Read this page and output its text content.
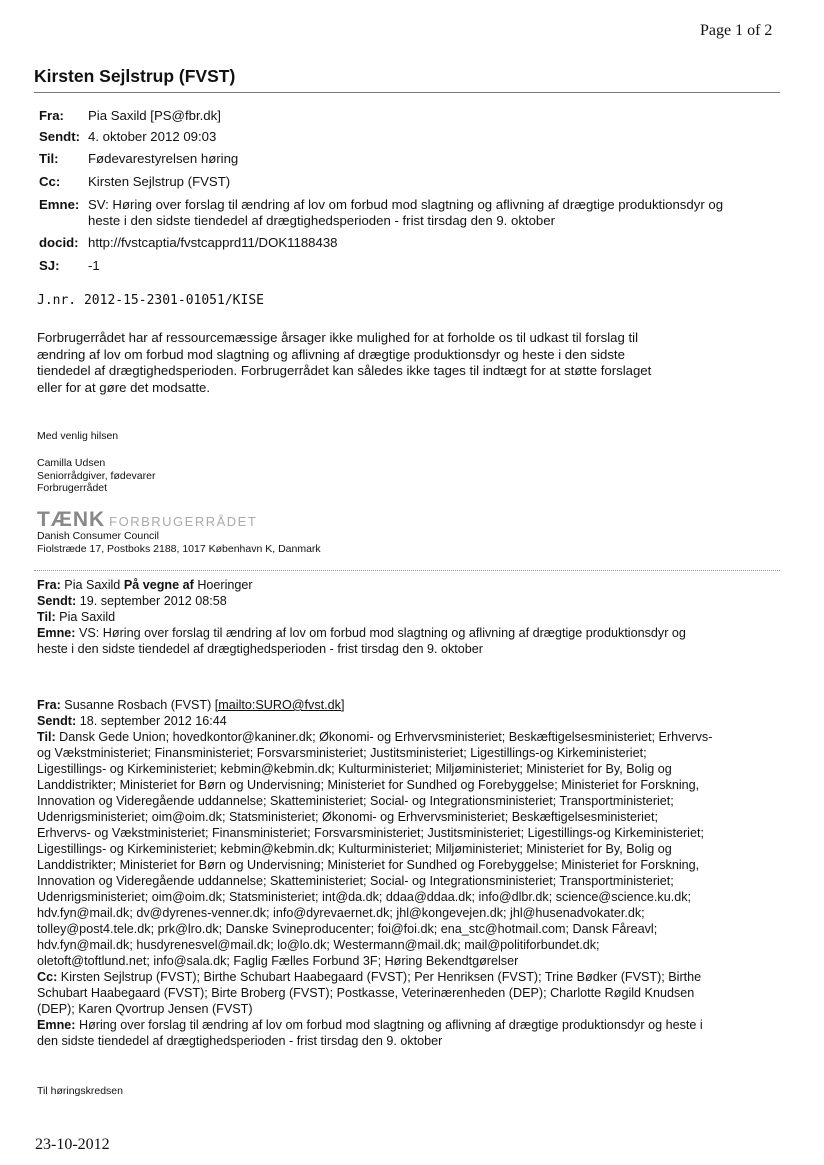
Page 1 of 2
Kirsten Sejlstrup (FVST)
Fra: Pia Saxild [PS@fbr.dk]
Sendt: 4. oktober 2012 09:03
Til: Fødevarestyrelsen høring
Cc: Kirsten Sejlstrup (FVST)
Emne: SV: Høring over forslag til ændring af lov om forbud mod slagtning og aflivning af drægtige produktionsdyr og
heste i den sidste tiendedel af drægtighedsperioden - frist tirsdag den 9. oktober
docid: http://fvstcaptia/fvstcapprd11/DOK1188438
SJ: -1
J.nr. 2012-15-2301-01051/KISE
Forbrugerrådet har af ressourcemæssige årsager ikke mulighed for at forholde os til udkast til forslag til
ændring af lov om forbud mod slagtning og aflivning af drægtige produktionsdyr og heste i den sidste
tiendedel af drægtighedsperioden. Forbrugerrådet kan således ikke tages til indtægt for at støtte forslaget
eller for at gøre det modsatte.
Med venlig hilsen
Camilla Udsen
Seniorrådgiver, fødevarer
Forbrugerrådet
TÆNK FORBRUGERRÅDET
Danish Consumer Council
Fiolstræde 17, Postboks 2188, 1017 København K, Danmark
Fra: Pia Saxild På vegne af Hoeringer
Sendt: 19. september 2012 08:58
Til: Pia Saxild
Emne: VS: Høring over forslag til ændring af lov om forbud mod slagtning og aflivning af drægtige produktionsdyr og
heste i den sidste tiendedel af drægtighedsperioden - frist tirsdag den 9. oktober
Fra: Susanne Rosbach (FVST) [mailto:SURO@fvst.dk]
Sendt: 18. september 2012 16:44
Til: Dansk Gede Union; hovedkontor@kaniner.dk; Økonomi- og Erhvervsministeriet; Beskæftigelsesministeriet; Erhvervs-
og Vækstministeriet; Finansministeriet; Forsvarsministeriet; Justitsministeriet; Ligestillings-og Kirkeministeriet;
Ligestillings- og Kirkeministeriet; kebmin@kebmin.dk; Kulturministeriet; Miljøministeriet; Ministeriet for By, Bolig og
Landdistrikter; Ministeriet for Børn og Undervisning; Ministeriet for Sundhed og Forebyggelse; Ministeriet for Forskning,
Innovation og Videregående uddannelse; Skatteministeriet; Social- og Integrationsministeriet; Transportministeriet;
Udenrigsministeriet; oim@oim.dk; Statsministeriet; Økonomi- og Erhvervsministeriet; Beskæftigelsesministeriet;
Erhvervs- og Vækstministeriet; Finansministeriet; Forsvarsministeriet; Justitsministeriet; Ligestillings-og Kirkeministeriet;
Ligestillings- og Kirkeministeriet; kebmin@kebmin.dk; Kulturministeriet; Miljøministeriet; Ministeriet for By, Bolig og
Landdistrikter; Ministeriet for Børn og Undervisning; Ministeriet for Sundhed og Forebyggelse; Ministeriet for Forskning,
Innovation og Videregående uddannelse; Skatteministeriet; Social- og Integrationsministeriet; Transportministeriet;
Udenrigsministeriet; oim@oim.dk; Statsministeriet; int@da.dk; ddaa@ddaa.dk; info@dlbr.dk; science@science.ku.dk;
hdv.fyn@mail.dk; dv@dyrenes-venner.dk; info@dyrevaernet.dk; jhl@kongevejen.dk; jhl@husenadvokater.dk;
tolley@post4.tele.dk; prk@lro.dk; Danske Svineproducenter; foi@foi.dk; ena_stc@hotmail.com; Dansk Fåreavl;
hdv.fyn@mail.dk; husdyrenesvel@mail.dk; lo@lo.dk; Westermann@mail.dk; mail@politiforbundet.dk;
oletoft@toftlund.net; info@sala.dk; Faglig Fælles Forbund 3F; Høring Bekendtgørelser
Cc: Kirsten Sejlstrup (FVST); Birthe Schubart Haabegaard (FVST); Per Henriksen (FVST); Trine Bødker (FVST); Birthe
Schubart Haabegaard (FVST); Birte Broberg (FVST); Postkasse, Veterinærenheden (DEP); Charlotte Røgild Knudsen
(DEP); Karen Qvortrup Jensen (FVST)
Emne: Høring over forslag til ændring af lov om forbud mod slagtning og aflivning af drægtige produktionsdyr og heste i
den sidste tiendedel af drægtighedsperioden - frist tirsdag den 9. oktober
Til høringskredsen
23-10-2012
